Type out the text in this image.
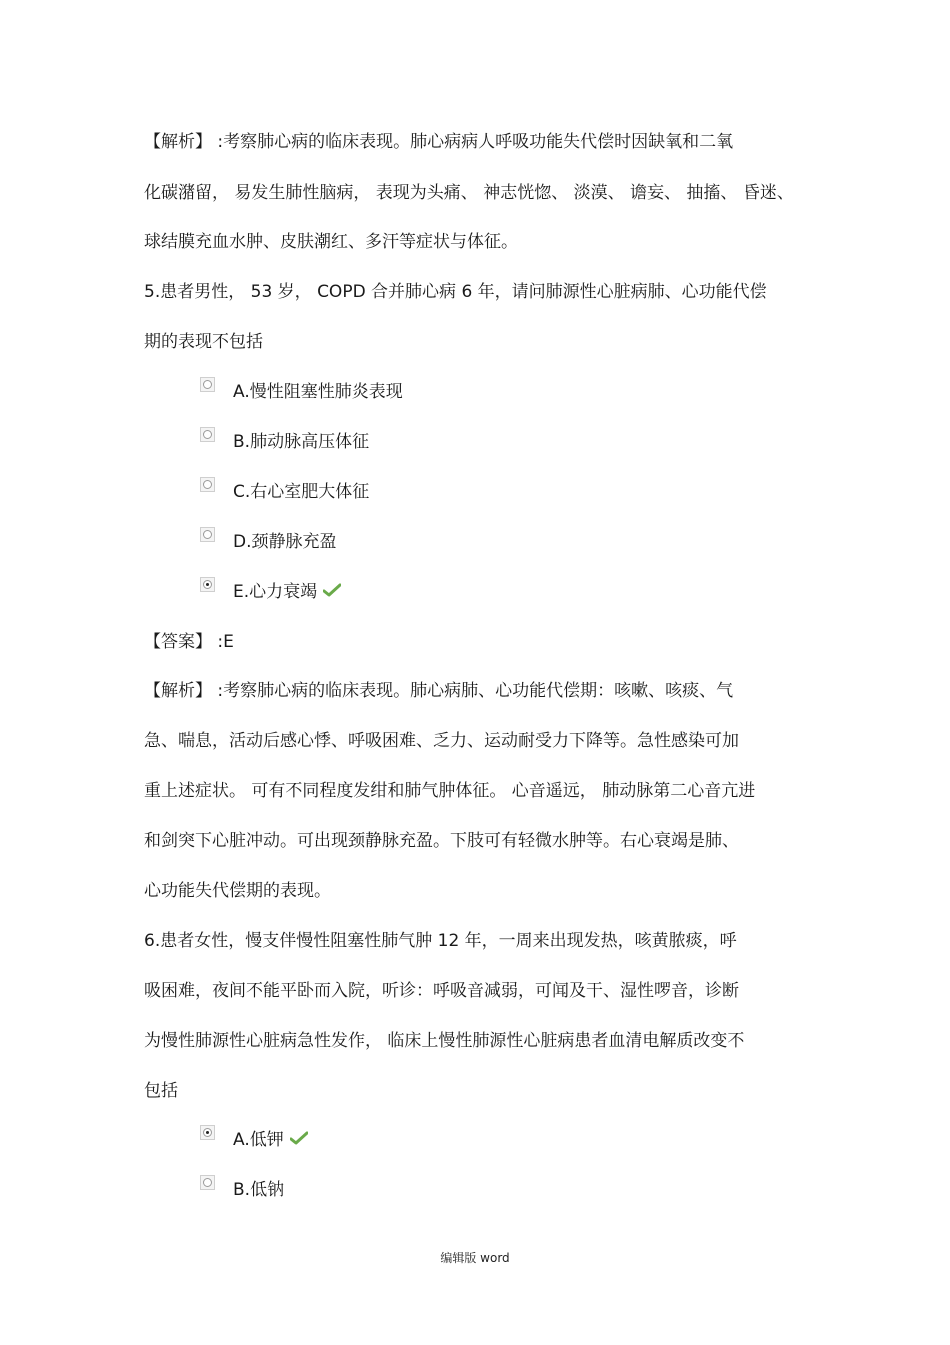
【解析】 :考察肺心病的临床表现。肺心病病人呼吸功能失代偿时因缺氧和二氧
化碳潴留， 易发生肺性脑病， 表现为头痛、 神志恍惚、 淡漠、 谵妄、 抽搐、 昏迷、
球结膜充血水肿、皮肤潮红、多汗等症状与体征。
5.患者男性， 53 岁， COPD 合并肺心病 6 年，请问肺源性心脏病肺、心功能代偿
期的表现不包括
A.慢性阻塞性肺炎表现
B.肺动脉高压体征
C.右心室肥大体征
D.颈静脉充盈
E.心力衰竭
【答案】 :E
【解析】 :考察肺心病的临床表现。肺心病肺、心功能代偿期：咳嗽、咳痰、气
急、喘息，活动后感心悸、呼吸困难、乏力、运动耐受力下降等。急性感染可加
重上述症状。 可有不同程度发绀和肺气肿体征。 心音遥远， 肺动脉第二心音亢进
和剑突下心脏冲动。可出现颈静脉充盈。下肢可有轻微水肿等。右心衰竭是肺、
心功能失代偿期的表现。
6.患者女性，慢支伴慢性阻塞性肺气肿 12 年，一周来出现发热，咳黄脓痰，呼
吸困难，夜间不能平卧而入院，听诊：呼吸音减弱，可闻及干、湿性啰音，诊断
为慢性肺源性心脏病急性发作， 临床上慢性肺源性心脏病患者血清电解质改变不
包括
A.低钾
B.低钠
编辑版 word
